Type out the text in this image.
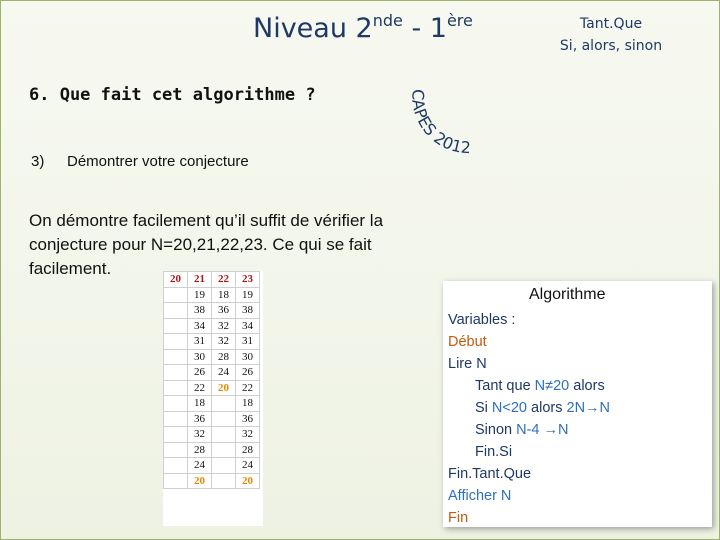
Niveau 2nde - 1ère	Tant.Que
Si, alors, sinon
6. Que fait cet algorithme ?	CAPES 2012
3) Démontrer votre conjecture
On démontre facilement qu’il suffit de vérifier la conjecture pour N=20,21,22,23. Ce qui se fait facilement.
20	21	22	23
	19	18	19
	38	36	38
	34	32	34
	31	32	31
	30	28	30
	26	24	26
	22	20	22
	18		18
	36		36
	32		32
	28		28
	24		24
	20		20
Algorithme
Variables :
Début
Lire N
Tant que N≠20 alors
Si N<20 alors 2N→N
Sinon N-4 →N
Fin.Si
Fin.Tant.Que
Afficher N
Fin
